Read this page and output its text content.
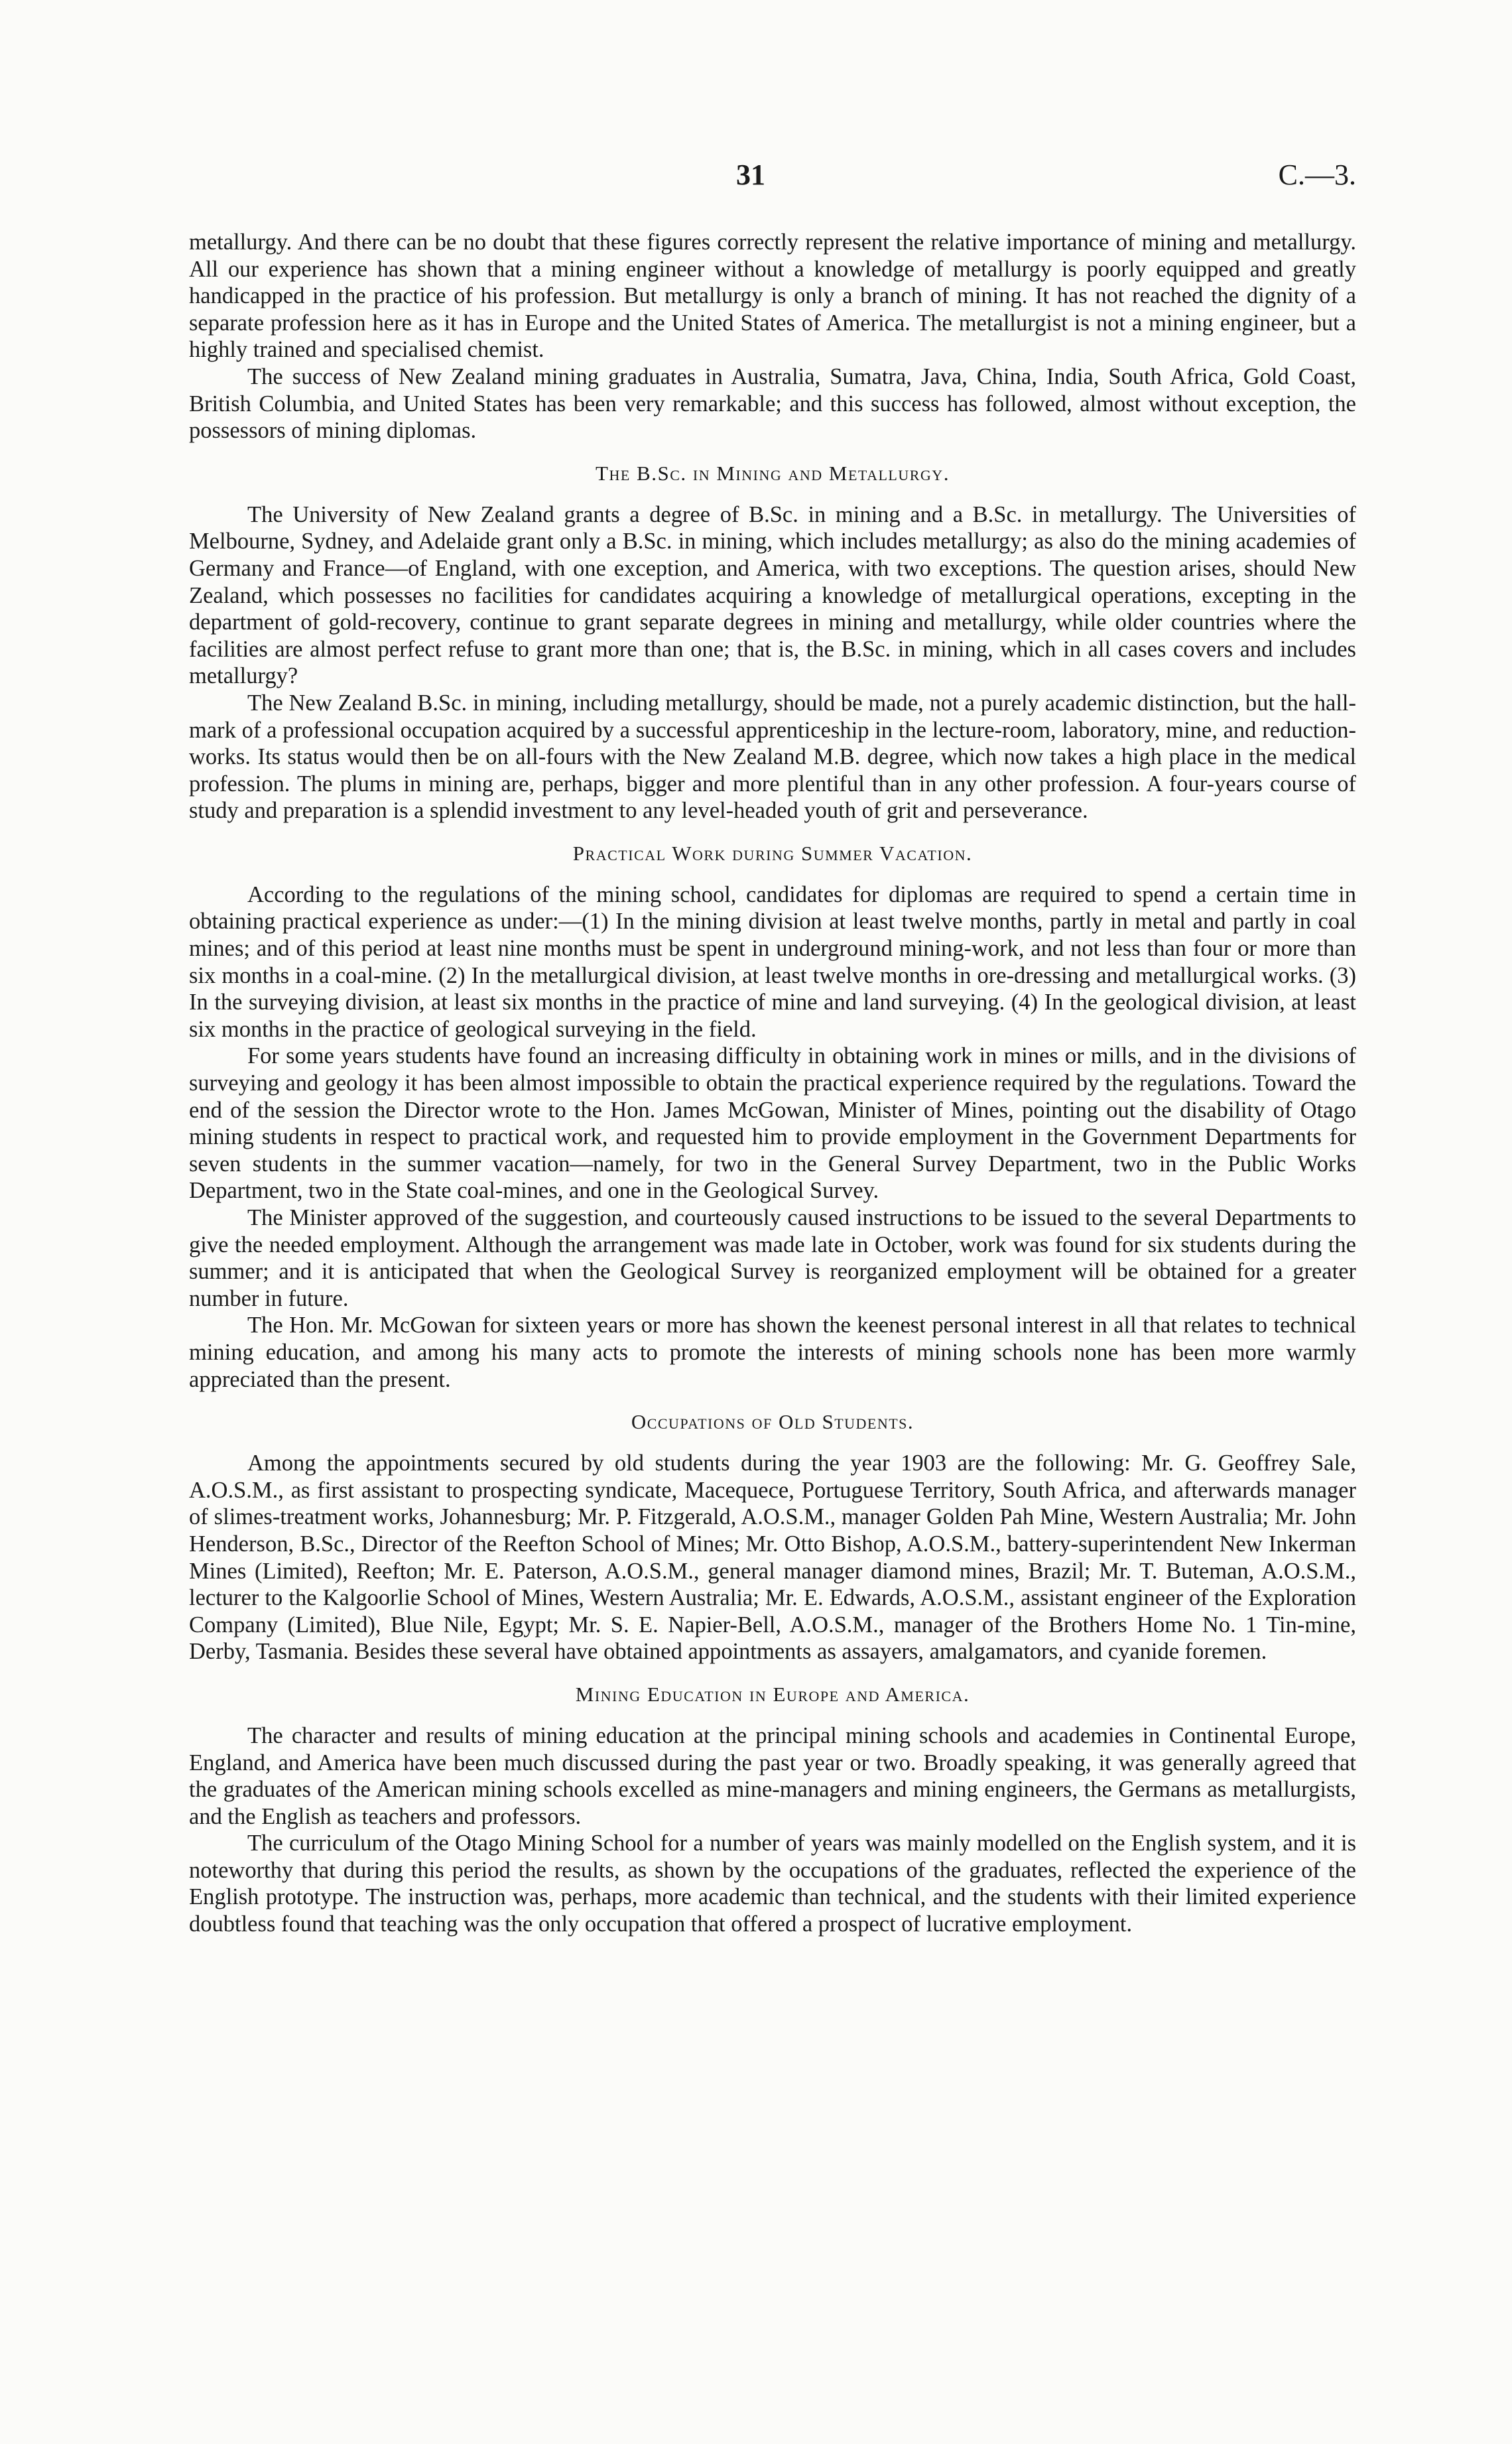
31	C.—3.

metallurgy. And there can be no doubt that these figures correctly represent the relative importance of mining and metallurgy. All our experience has shown that a mining engineer without a knowledge of metallurgy is poorly equipped and greatly handicapped in the practice of his profession. But metallurgy is only a branch of mining. It has not reached the dignity of a separate profession here as it has in Europe and the United States of America. The metallurgist is not a mining engineer, but a highly trained and specialised chemist.

The success of New Zealand mining graduates in Australia, Sumatra, Java, China, India, South Africa, Gold Coast, British Columbia, and United States has been very remarkable; and this success has followed, almost without exception, the possessors of mining diplomas.

The B.Sc. in Mining and Metallurgy.

The University of New Zealand grants a degree of B.Sc. in mining and a B.Sc. in metallurgy. The Universities of Melbourne, Sydney, and Adelaide grant only a B.Sc. in mining, which includes metallurgy; as also do the mining academies of Germany and France—of England, with one exception, and America, with two exceptions. The question arises, should New Zealand, which possesses no facilities for candidates acquiring a knowledge of metallurgical operations, excepting in the department of gold-recovery, continue to grant separate degrees in mining and metallurgy, while older countries where the facilities are almost perfect refuse to grant more than one; that is, the B.Sc. in mining, which in all cases covers and includes metallurgy?

The New Zealand B.Sc. in mining, including metallurgy, should be made, not a purely academic distinction, but the hall-mark of a professional occupation acquired by a successful apprenticeship in the lecture-room, laboratory, mine, and reduction-works. Its status would then be on all-fours with the New Zealand M.B. degree, which now takes a high place in the medical profession. The plums in mining are, perhaps, bigger and more plentiful than in any other profession. A four-years course of study and preparation is a splendid investment to any level-headed youth of grit and perseverance.

Practical Work during Summer Vacation.

According to the regulations of the mining school, candidates for diplomas are required to spend a certain time in obtaining practical experience as under:—(1) In the mining division at least twelve months, partly in metal and partly in coal mines; and of this period at least nine months must be spent in underground mining-work, and not less than four or more than six months in a coal-mine. (2) In the metallurgical division, at least twelve months in ore-dressing and metallurgical works. (3) In the surveying division, at least six months in the practice of mine and land surveying. (4) In the geological division, at least six months in the practice of geological surveying in the field.

For some years students have found an increasing difficulty in obtaining work in mines or mills, and in the divisions of surveying and geology it has been almost impossible to obtain the practical experience required by the regulations. Toward the end of the session the Director wrote to the Hon. James McGowan, Minister of Mines, pointing out the disability of Otago mining students in respect to practical work, and requested him to provide employment in the Government Departments for seven students in the summer vacation—namely, for two in the General Survey Department, two in the Public Works Department, two in the State coal-mines, and one in the Geological Survey.

The Minister approved of the suggestion, and courteously caused instructions to be issued to the several Departments to give the needed employment. Although the arrangement was made late in October, work was found for six students during the summer; and it is anticipated that when the Geological Survey is reorganized employment will be obtained for a greater number in future.

The Hon. Mr. McGowan for sixteen years or more has shown the keenest personal interest in all that relates to technical mining education, and among his many acts to promote the interests of mining schools none has been more warmly appreciated than the present.

Occupations of Old Students.

Among the appointments secured by old students during the year 1903 are the following: Mr. G. Geoffrey Sale, A.O.S.M., as first assistant to prospecting syndicate, Macequece, Portuguese Territory, South Africa, and afterwards manager of slimes-treatment works, Johannesburg; Mr. P. Fitzgerald, A.O.S.M., manager Golden Pah Mine, Western Australia; Mr. John Henderson, B.Sc., Director of the Reefton School of Mines; Mr. Otto Bishop, A.O.S.M., battery-superintendent New Inkerman Mines (Limited), Reefton; Mr. E. Paterson, A.O.S.M., general manager diamond mines, Brazil; Mr. T. Buteman, A.O.S.M., lecturer to the Kalgoorlie School of Mines, Western Australia; Mr. E. Edwards, A.O.S.M., assistant engineer of the Exploration Company (Limited), Blue Nile, Egypt; Mr. S. E. Napier-Bell, A.O.S.M., manager of the Brothers Home No. 1 Tin-mine, Derby, Tasmania. Besides these several have obtained appointments as assayers, amalgamators, and cyanide foremen.

Mining Education in Europe and America.

The character and results of mining education at the principal mining schools and academies in Continental Europe, England, and America have been much discussed during the past year or two. Broadly speaking, it was generally agreed that the graduates of the American mining schools excelled as mine-managers and mining engineers, the Germans as metallurgists, and the English as teachers and professors.

The curriculum of the Otago Mining School for a number of years was mainly modelled on the English system, and it is noteworthy that during this period the results, as shown by the occupations of the graduates, reflected the experience of the English prototype. The instruction was, perhaps, more academic than technical, and the students with their limited experience doubtless found that teaching was the only occupation that offered a prospect of lucrative employment.
